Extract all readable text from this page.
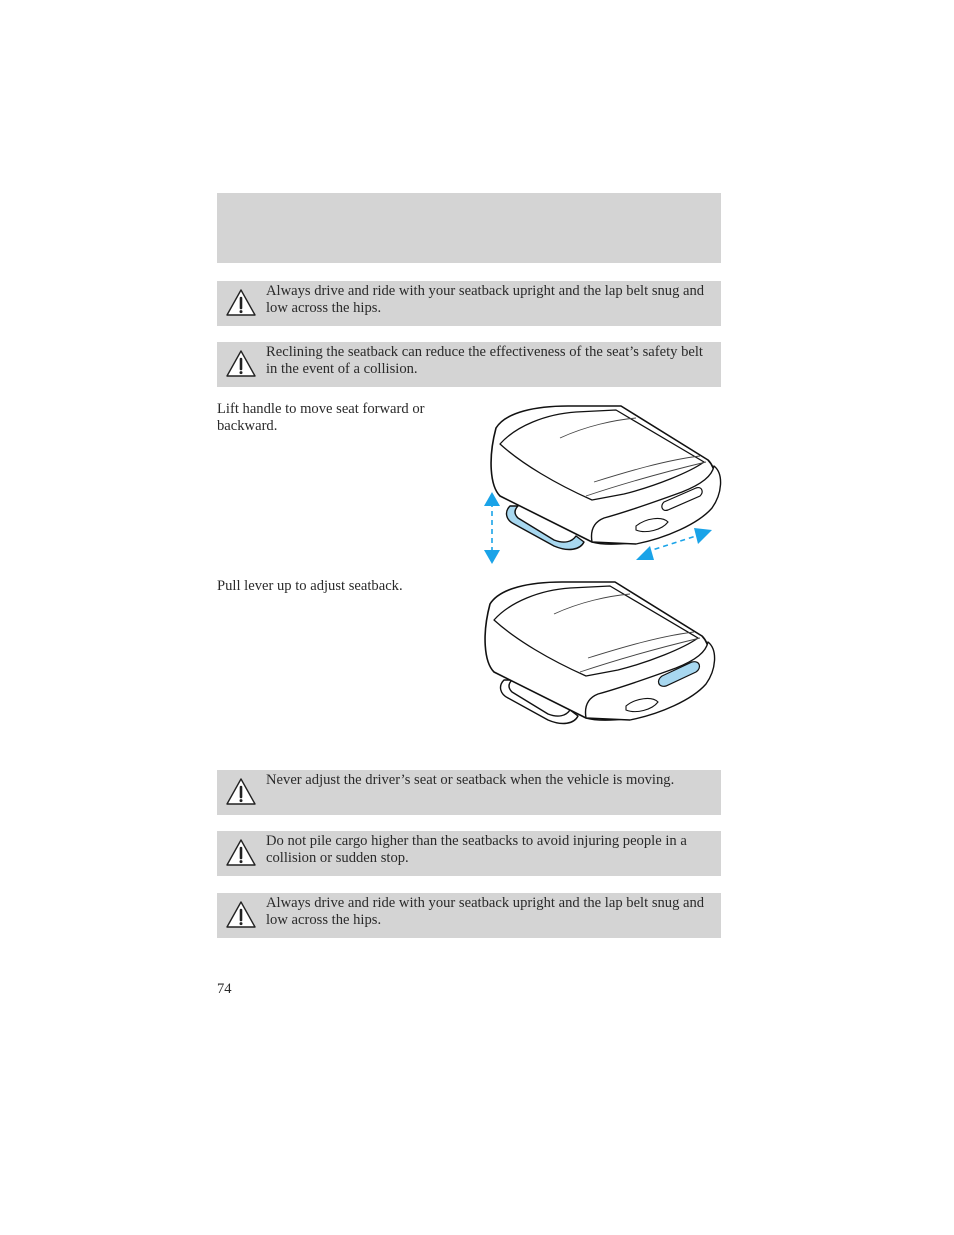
Always drive and ride with your seatback upright and the lap belt snug and low across the hips.
Reclining the seatback can reduce the effectiveness of the seat’s safety belt in the event of a collision.
Lift handle to move seat forward or backward.
Pull lever up to adjust seatback.
Never adjust the driver’s seat or seatback when the vehicle is moving.
Do not pile cargo higher than the seatbacks to avoid injuring people in a collision or sudden stop.
Always drive and ride with your seatback upright and the lap belt snug and low across the hips.
74
